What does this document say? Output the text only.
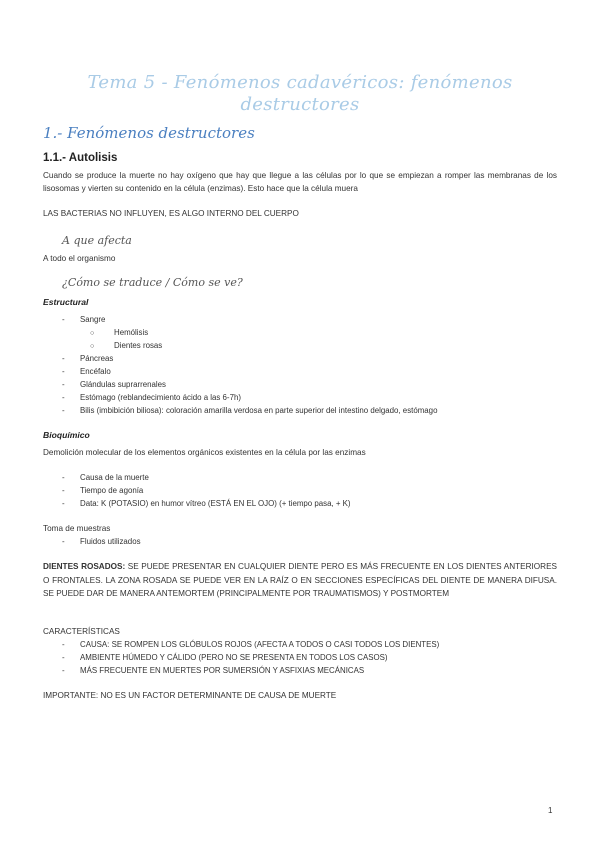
Tema 5 - Fenómenos cadavéricos: fenómenos
destructores
1.- Fenómenos destructores
1.1.- Autolisis
Cuando se produce la muerte no hay oxígeno que hay que llegue a las células por lo que se empiezan a romper las membranas de los lisosomas y vierten su contenido en la célula (enzimas). Esto hace que la célula muera
LAS BACTERIAS NO INFLUYEN, ES ALGO INTERNO DEL CUERPO
A que afecta
A todo el organismo
¿Cómo se traduce / Cómo se ve?
Estructural
- Sangre
○	Hemólisis
○	Dientes rosas
- Páncreas
- Encéfalo
- Glándulas suprarrenales
- Estómago (reblandecimiento ácido a las 6-7h)
- Bilis (imbibición biliosa): coloración amarilla verdosa en parte superior del intestino delgado, estómago
Bioquímico
Demolición molecular de los elementos orgánicos existentes en la célula por las enzimas
- Causa de la muerte
- Tiempo de agonía
- Data: K (POTASIO) en humor vítreo (ESTÁ EN EL OJO) (+ tiempo pasa, + K)
Toma de muestras
- Fluidos utilizados
DIENTES ROSADOS: SE PUEDE PRESENTAR EN CUALQUIER DIENTE PERO ES MÁS FRECUENTE EN LOS DIENTES ANTERIORES O FRONTALES. LA ZONA ROSADA SE PUEDE VER EN LA RAÍZ O EN SECCIONES ESPECÍFICAS DEL DIENTE DE MANERA DIFUSA. SE PUEDE DAR DE MANERA ANTEMORTEM (PRINCIPALMENTE POR TRAUMATISMOS) Y POSTMORTEM
CARACTERÍSTICAS
- CAUSA: SE ROMPEN LOS GLÓBULOS ROJOS (AFECTA A TODOS O CASI TODOS LOS DIENTES)
- AMBIENTE HÚMEDO Y CÁLIDO (PERO NO SE PRESENTA EN TODOS LOS CASOS)
- MÁS FRECUENTE EN MUERTES POR SUMERSIÓN Y ASFIXIAS MECÁNICAS
IMPORTANTE: NO ES UN FACTOR DETERMINANTE DE CAUSA DE MUERTE
1
